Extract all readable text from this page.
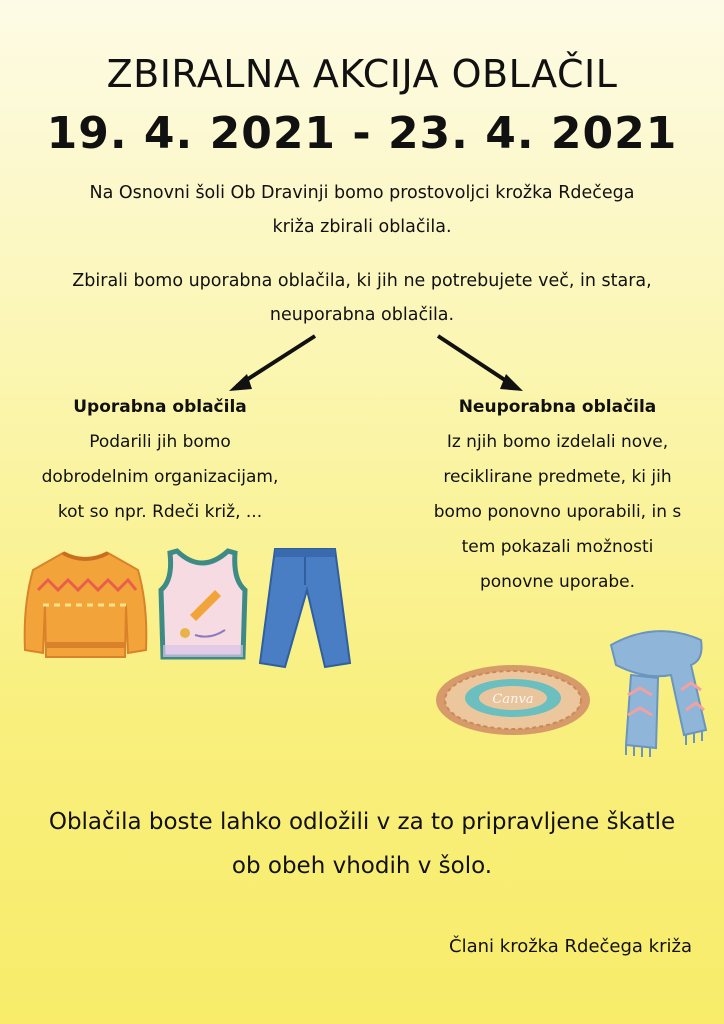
ZBIRALNA AKCIJA OBLAČIL
19. 4. 2021 - 23. 4. 2021
Na Osnovni šoli Ob Dravinji bomo prostovoljci krožka Rdečega
križa zbirali oblačila.
Zbirali bomo uporabna oblačila, ki jih ne potrebujete več, in stara,
neuporabna oblačila.
Uporabna oblačila
Podarili jih bomo
dobrodelnim organizacijam,
kot so npr. Rdeči križ, ...
Neuporabna oblačila
Iz njih bomo izdelali nove,
reciklirane predmete, ki jih
bomo ponovno uporabili, in s
tem pokazali možnosti
ponovne uporabe.
Canva
Oblačila boste lahko odložili v za to pripravljene škatle
ob obeh vhodih v šolo.
Člani krožka Rdečega križa
